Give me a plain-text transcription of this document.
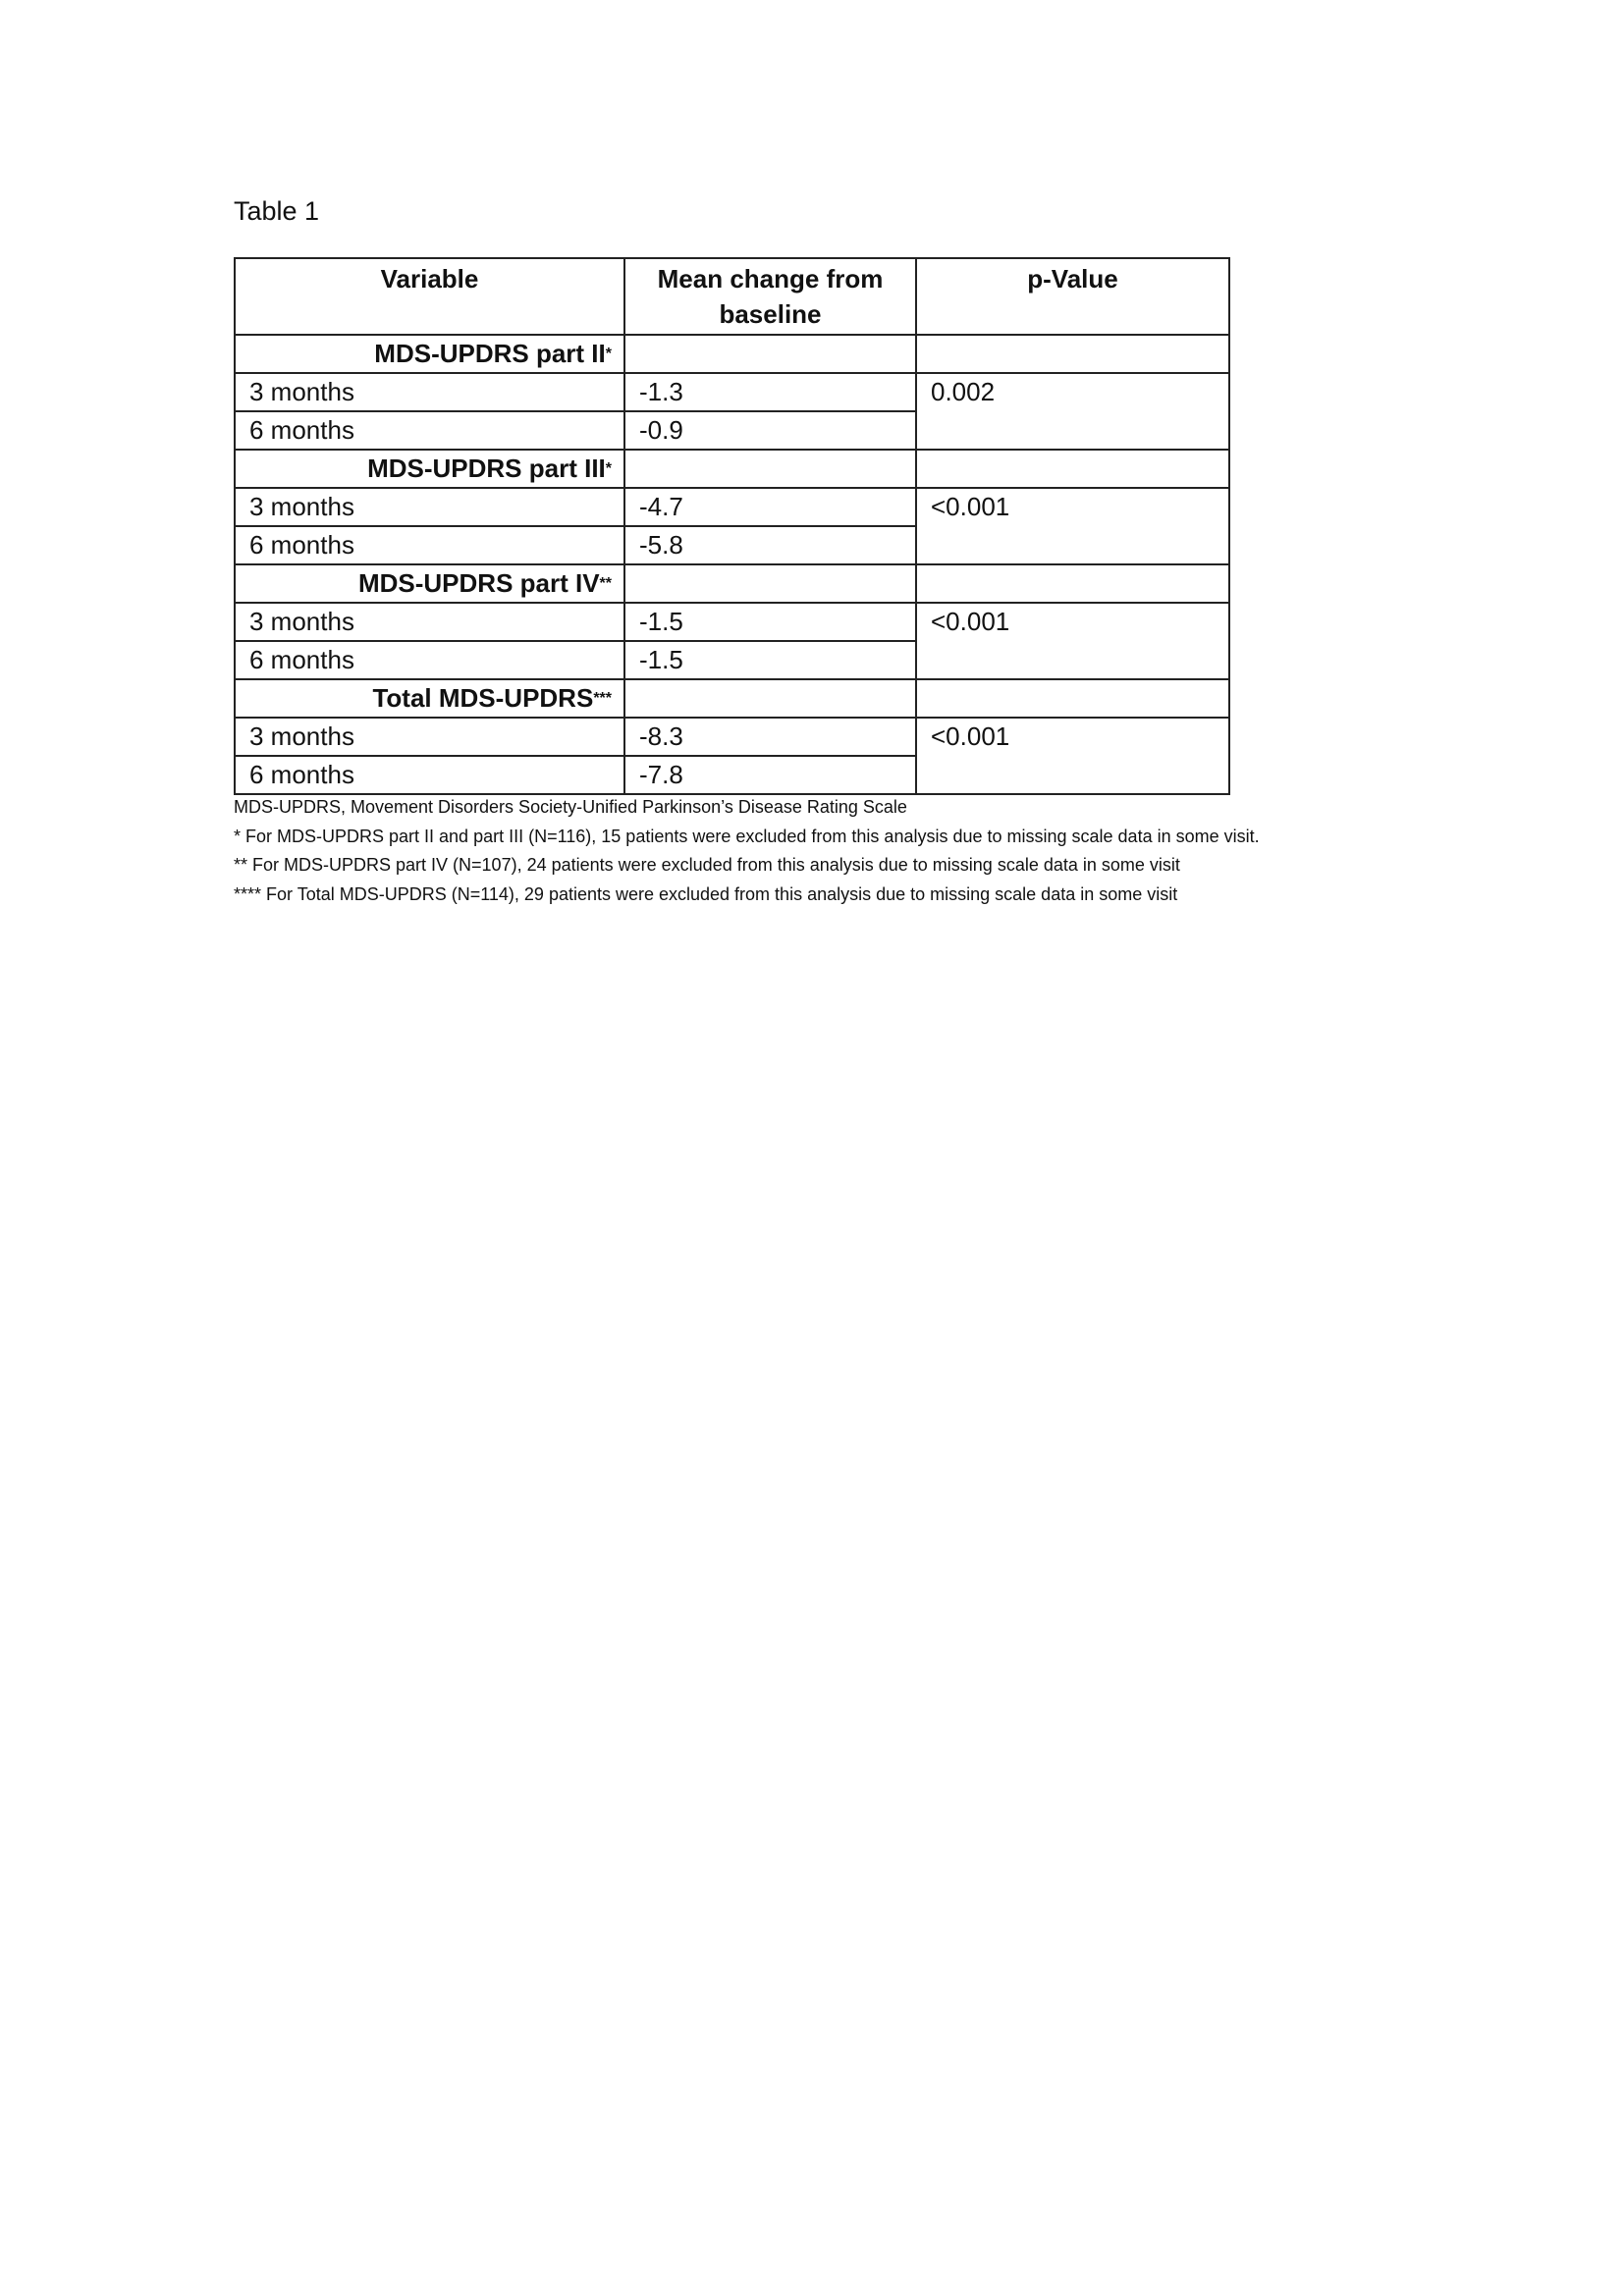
Table 1
Variable	Mean change from baseline	p-Value
MDS-UPDRS part II*		
3 months	-1.3	0.002
6 months	-0.9	
MDS-UPDRS part III*		
3 months	-4.7	<0.001
6 months	-5.8	
MDS-UPDRS part IV**		
3 months	-1.5	<0.001
6 months	-1.5	
Total MDS-UPDRS***		
3 months	-8.3	<0.001
6 months	-7.8	
MDS-UPDRS, Movement Disorders Society-Unified Parkinson’s Disease Rating Scale
* For MDS-UPDRS part II and part III (N=116), 15 patients were excluded from this analysis due to missing scale data in some visit.
** For MDS-UPDRS part IV (N=107), 24 patients were excluded from this analysis due to missing scale data in some visit
**** For Total MDS-UPDRS (N=114), 29 patients were excluded from this analysis due to missing scale data in some visit
